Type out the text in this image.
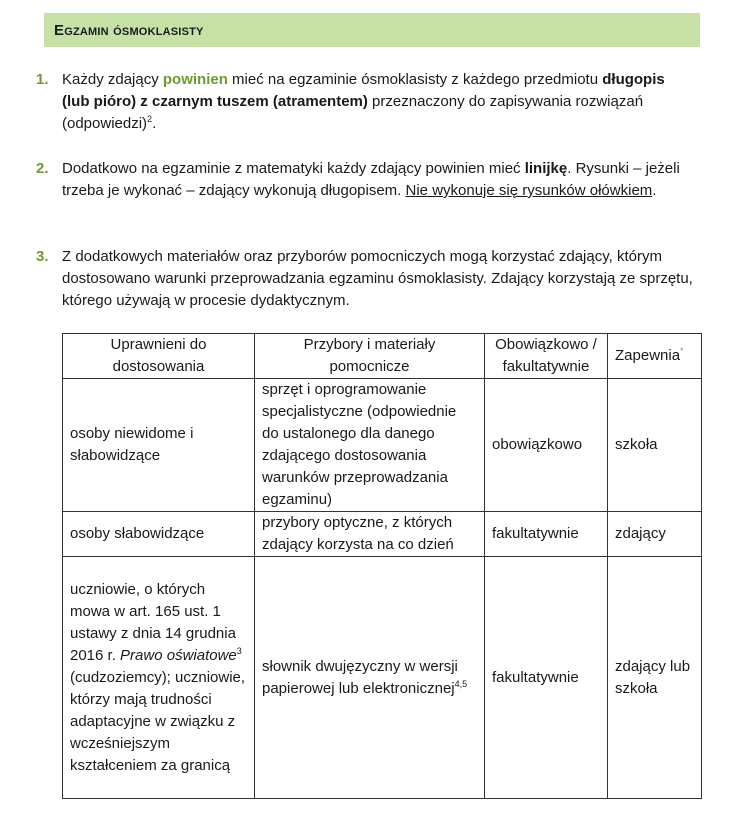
Egzamin ósmoklasisty
1. Każdy zdający powinien mieć na egzaminie ósmoklasisty z każdego przedmiotu długopis (lub pióro) z czarnym tuszem (atramentem) przeznaczony do zapisywania rozwiązań (odpowiedzi)$^2$.
2. Dodatkowo na egzaminie z matematyki każdy zdający powinien mieć linijkę. Rysunki – jeżeli trzeba je wykonać – zdający wykonują długopisem. Nie wykonuje się rysunków ołówkiem.
3. Z dodatkowych materiałów oraz przyborów pomocniczych mogą korzystać zdający, którym dostosowano warunki przeprowadzania egzaminu ósmoklasisty. Zdający korzystają ze sprzętu, którego używają w procesie dydaktycznym.
Uprawnieni do dostosowania	Przybory i materiały pomocnicze	Obowiązkowo / fakultatywnie	Zapewnia*
osoby niewidome i słabowidzące	sprzęt i oprogramowanie specjalistyczne (odpowiednie do ustalonego dla danego zdającego dostosowania warunków przeprowadzania egzaminu)	obowiązkowo	szkoła
osoby słabowidzące	przybory optyczne, z których zdający korzysta na co dzień	fakultatywnie	zdający
uczniowie, o których mowa w art. 165 ust. 1 ustawy z dnia 14 grudnia 2016 r. Prawo oświatowe$^3$ (cudzoziemcy); uczniowie, którzy mają trudności adaptacyjne w związku z wcześniejszym kształceniem za granicą	słownik dwujęzyczny w wersji papierowej lub elektronicznej$^{4,5}$	fakultatywnie	zdający lub szkoła
